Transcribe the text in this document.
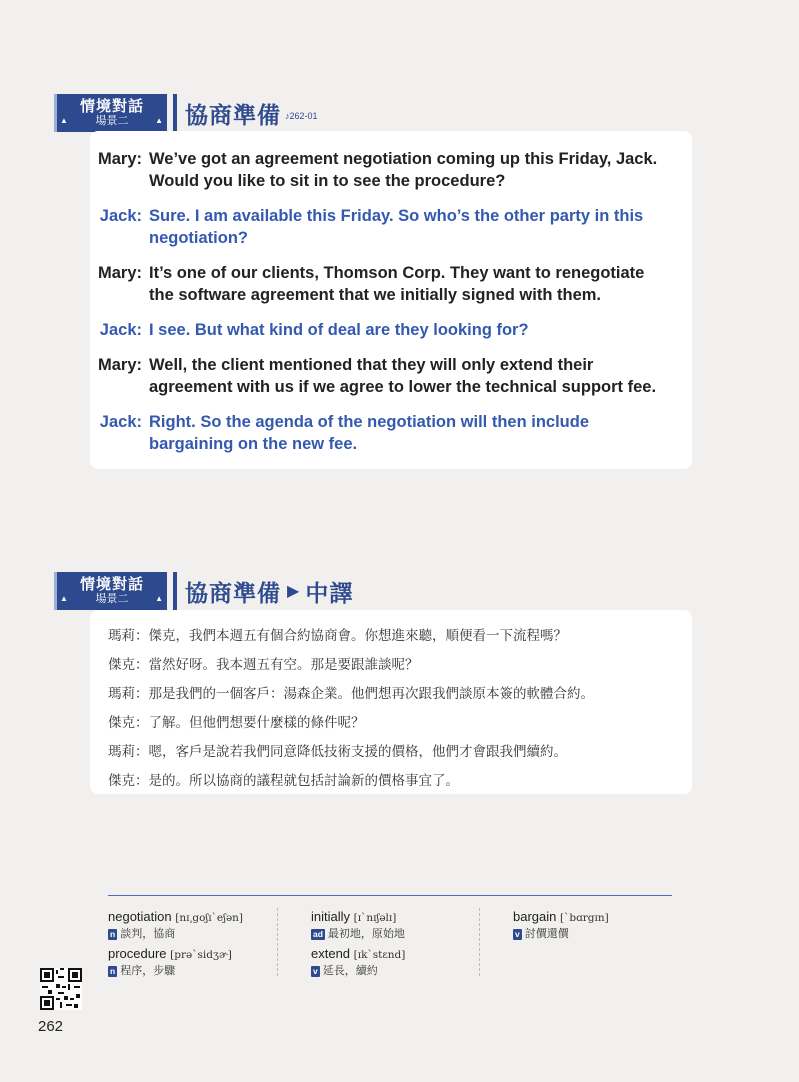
情境對話
場景二
▲	▲ 協商準備 ♪262-01
Mary: We’ve got an agreement negotiation coming up this Friday, Jack.
Would you like to sit in to see the procedure?
Jack: Sure. I am available this Friday. So who’s the other party in this
negotiation?
Mary: It’s one of our clients, Thomson Corp. They want to renegotiate
the software agreement that we initially signed with them.
Jack: I see. But what kind of deal are they looking for?
Mary: Well, the client mentioned that they will only extend their
agreement with us if we agree to lower the technical support fee.
Jack: Right. So the agenda of the negotiation will then include
bargaining on the new fee.
情境對話
場景二
▲	▲ 協商準備 ▶ 中譯
瑪莉：傑克，我們本週五有個合約協商會。你想進來聽，順便看一下流程嗎？
傑克：當然好呀。我本週五有空。那是要跟誰談呢？
瑪莉：那是我們的一個客戶：湯森企業。他們想再次跟我們談原本簽的軟體合約。
傑克：了解。但他們想要什麼樣的條件呢？
瑪莉：嗯，客戶是說若我們同意降低技術支援的價格，他們才會跟我們續約。
傑克：是的。所以協商的議程就包括討論新的價格事宜了。
negotiation [nɪ͵goʃɪˋeʃən]
n 談判，協商
procedure [prəˋsidʒɚ]
n 程序，步驟
initially [ɪˋnɪʃəlɪ]
ad 最初地，原始地
extend [ɪkˋstɛnd]
v 延長，續約
bargain [ˋbɑrgɪn]
v 討價還價
262
